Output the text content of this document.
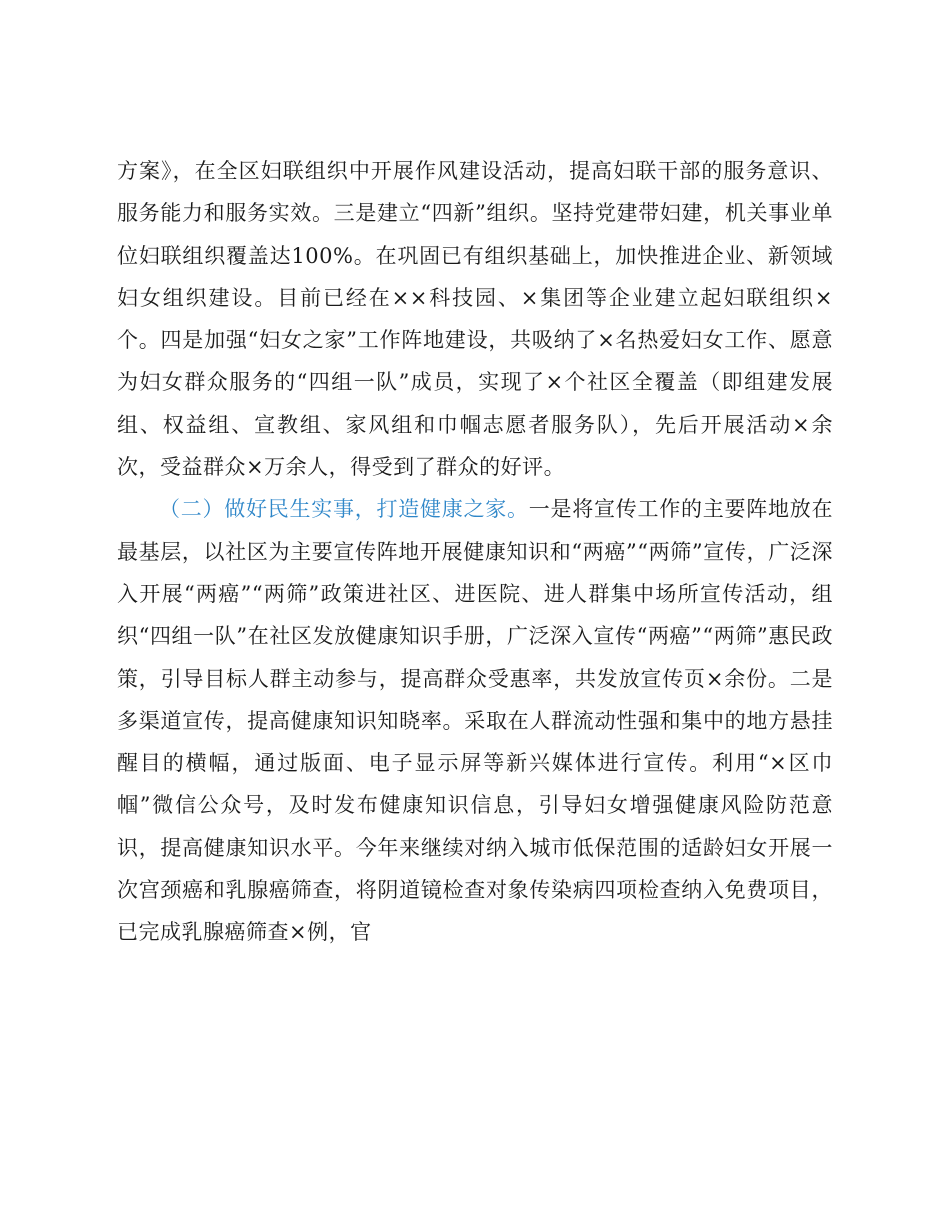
方案》，在全区妇联组织中开展作风建设活动，提高妇联干部的服务意识、服务能力和服务实效。三是建立“四新”组织。坚持党建带妇建，机关事业单位妇联组织覆盖达100%。在巩固已有组织基础上，加快推进企业、新领域妇女组织建设。目前已经在××科技园、×集团等企业建立起妇联组织×个。四是加强“妇女之家”工作阵地建设，共吸纳了×名热爱妇女工作、愿意为妇女群众服务的“四组一队”成员，实现了×个社区全覆盖（即组建发展组、权益组、宣教组、家风组和巾帼志愿者服务队），先后开展活动×余次，受益群众×万余人，得受到了群众的好评。

（二）做好民生实事，打造健康之家。一是将宣传工作的主要阵地放在最基层，以社区为主要宣传阵地开展健康知识和“两癌”“两筛”宣传，广泛深入开展“两癌”“两筛”政策进社区、进医院、进人群集中场所宣传活动，组织“四组一队”在社区发放健康知识手册，广泛深入宣传“两癌”“两筛”惠民政策，引导目标人群主动参与，提高群众受惠率，共发放宣传页×余份。二是多渠道宣传，提高健康知识知晓率。采取在人群流动性强和集中的地方悬挂醒目的横幅，通过版面、电子显示屏等新兴媒体进行宣传。利用“×区巾帼”微信公众号，及时发布健康知识信息，引导妇女增强健康风险防范意识，提高健康知识水平。今年来继续对纳入城市低保范围的适龄妇女开展一次宫颈癌和乳腺癌筛查，将阴道镜检查对象传染病四项检查纳入免费项目，已完成乳腺癌筛查×例，官
